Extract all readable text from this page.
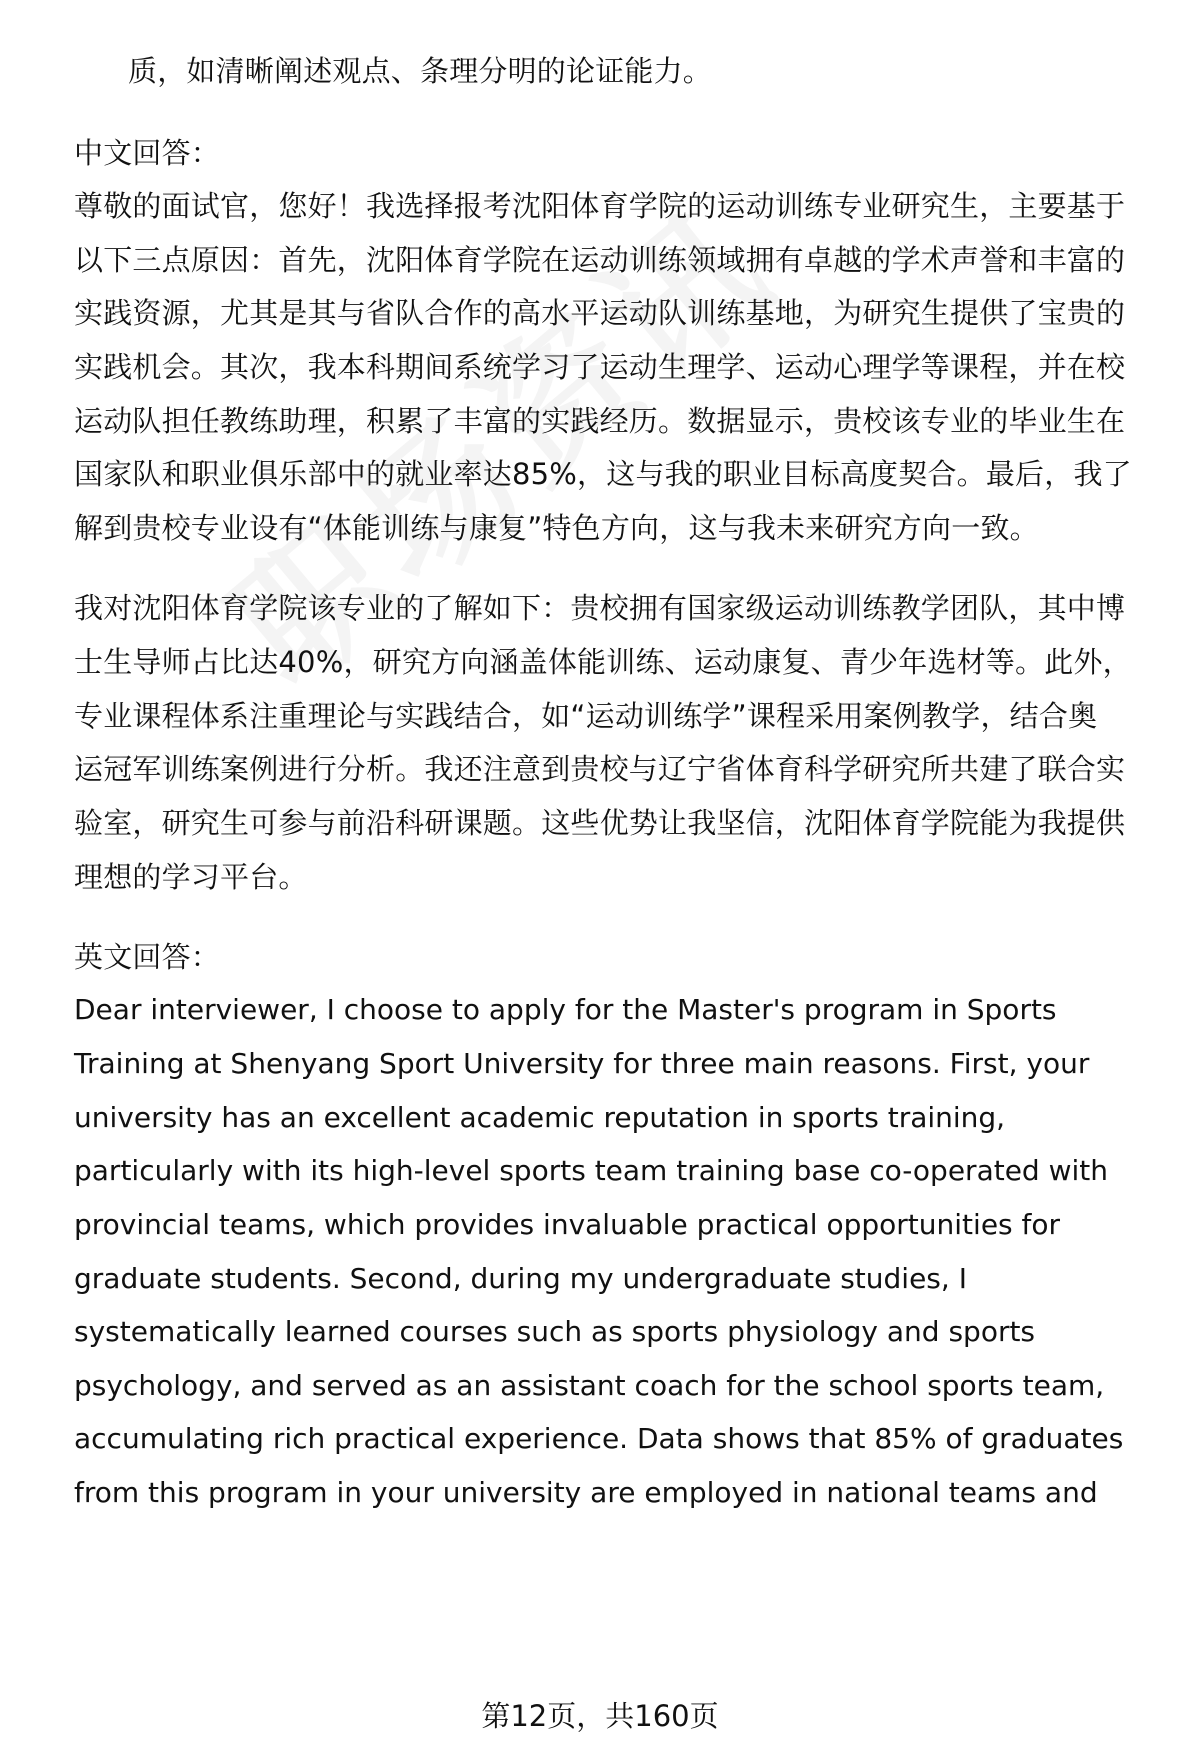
质，如清晰阐述观点、条理分明的论证能力。
中文回答：
尊敬的面试官，您好！我选择报考沈阳体育学院的运动训练专业研究生，主要基于
以下三点原因：首先，沈阳体育学院在运动训练领域拥有卓越的学术声誉和丰富的
实践资源，尤其是其与省队合作的高水平运动队训练基地，为研究生提供了宝贵的
实践机会。其次，我本科期间系统学习了运动生理学、运动心理学等课程，并在校
运动队担任教练助理，积累了丰富的实践经历。数据显示，贵校该专业的毕业生在
国家队和职业俱乐部中的就业率达85%，这与我的职业目标高度契合。最后，我了
解到贵校专业设有“体能训练与康复”特色方向，这与我未来研究方向一致。
我对沈阳体育学院该专业的了解如下：贵校拥有国家级运动训练教学团队，其中博
士生导师占比达40%，研究方向涵盖体能训练、运动康复、青少年选材等。此外，
专业课程体系注重理论与实践结合，如“运动训练学”课程采用案例教学，结合奥
运冠军训练案例进行分析。我还注意到贵校与辽宁省体育科学研究所共建了联合实
验室，研究生可参与前沿科研课题。这些优势让我坚信，沈阳体育学院能为我提供
理想的学习平台。
英文回答：
Dear interviewer, I choose to apply for the Master's program in Sports
Training at Shenyang Sport University for three main reasons. First, your
university has an excellent academic reputation in sports training,
particularly with its high-level sports team training base co-operated with
provincial teams, which provides invaluable practical opportunities for
graduate students. Second, during my undergraduate studies, I
systematically learned courses such as sports physiology and sports
psychology, and served as an assistant coach for the school sports team,
accumulating rich practical experience. Data shows that 85% of graduates
from this program in your university are employed in national teams and
第12页，共160页
